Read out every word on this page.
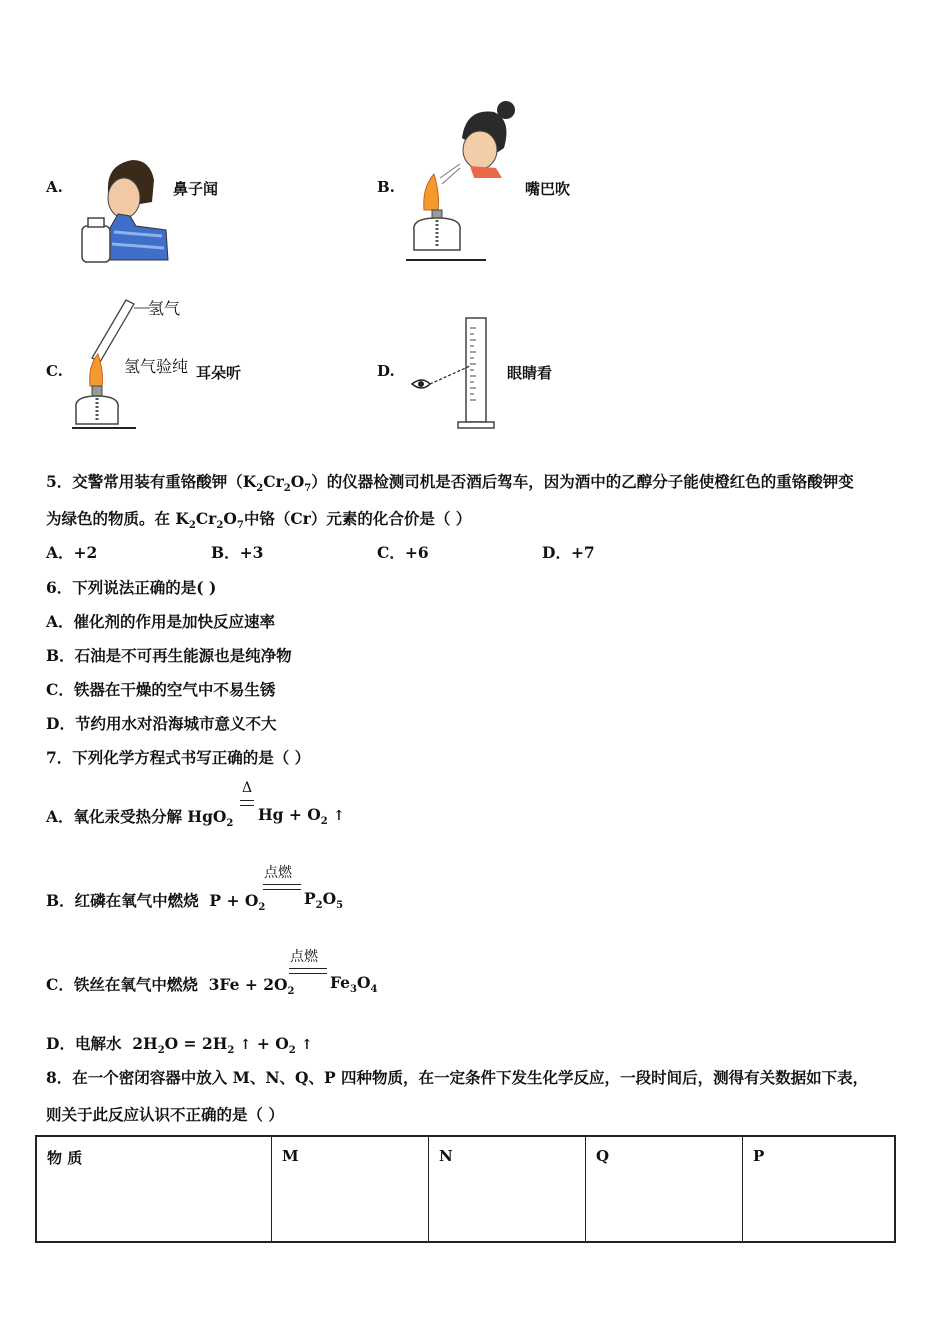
A.	鼻子闻	B.	嘴巴吹
C.
氢气
氢气验纯 耳朵听	D.	眼睛看
5．交警常用装有重铬酸钾$(K_2Cr_2O_7)$的仪器检测司机是否酒后驾车，因为酒中的乙醇分子能使橙红色的重铬酸钾变
为绿色的物质。在 $K_2Cr_2O_7$中铬（Cr）元素的化合价是（ ）
A．+2	B．+3	C．+6	D．+7
6．下列说法正确的是( )
A．催化剂的作用是加快反应速率
B．石油是不可再生能源也是纯净物
C．铁器在干燥的空气中不易生锈
D．节约用水对沿海城市意义不大
7．下列化学方程式书写正确的是（ ）
A．氧化汞受热分解 HgO$_2$
Δ
$Hg + O_2$ ↑
B．红磷在氧气中燃烧  $P + O_2$
点燃
$P_2O_5$
C．铁丝在氧气中燃烧  $3Fe + 2O_2$
点燃
$Fe_3O_4$
D．电解水  $2H_2O = 2H_2$ ↑ + $O_2$ ↑
8．在一个密闭容器中放入 M、N、Q、P 四种物质，在一定条件下发生化学反应，一段时间后，测得有关数据如下表，
则关于此反应认识不正确的是（ ）
物 质	M	N	Q	P
